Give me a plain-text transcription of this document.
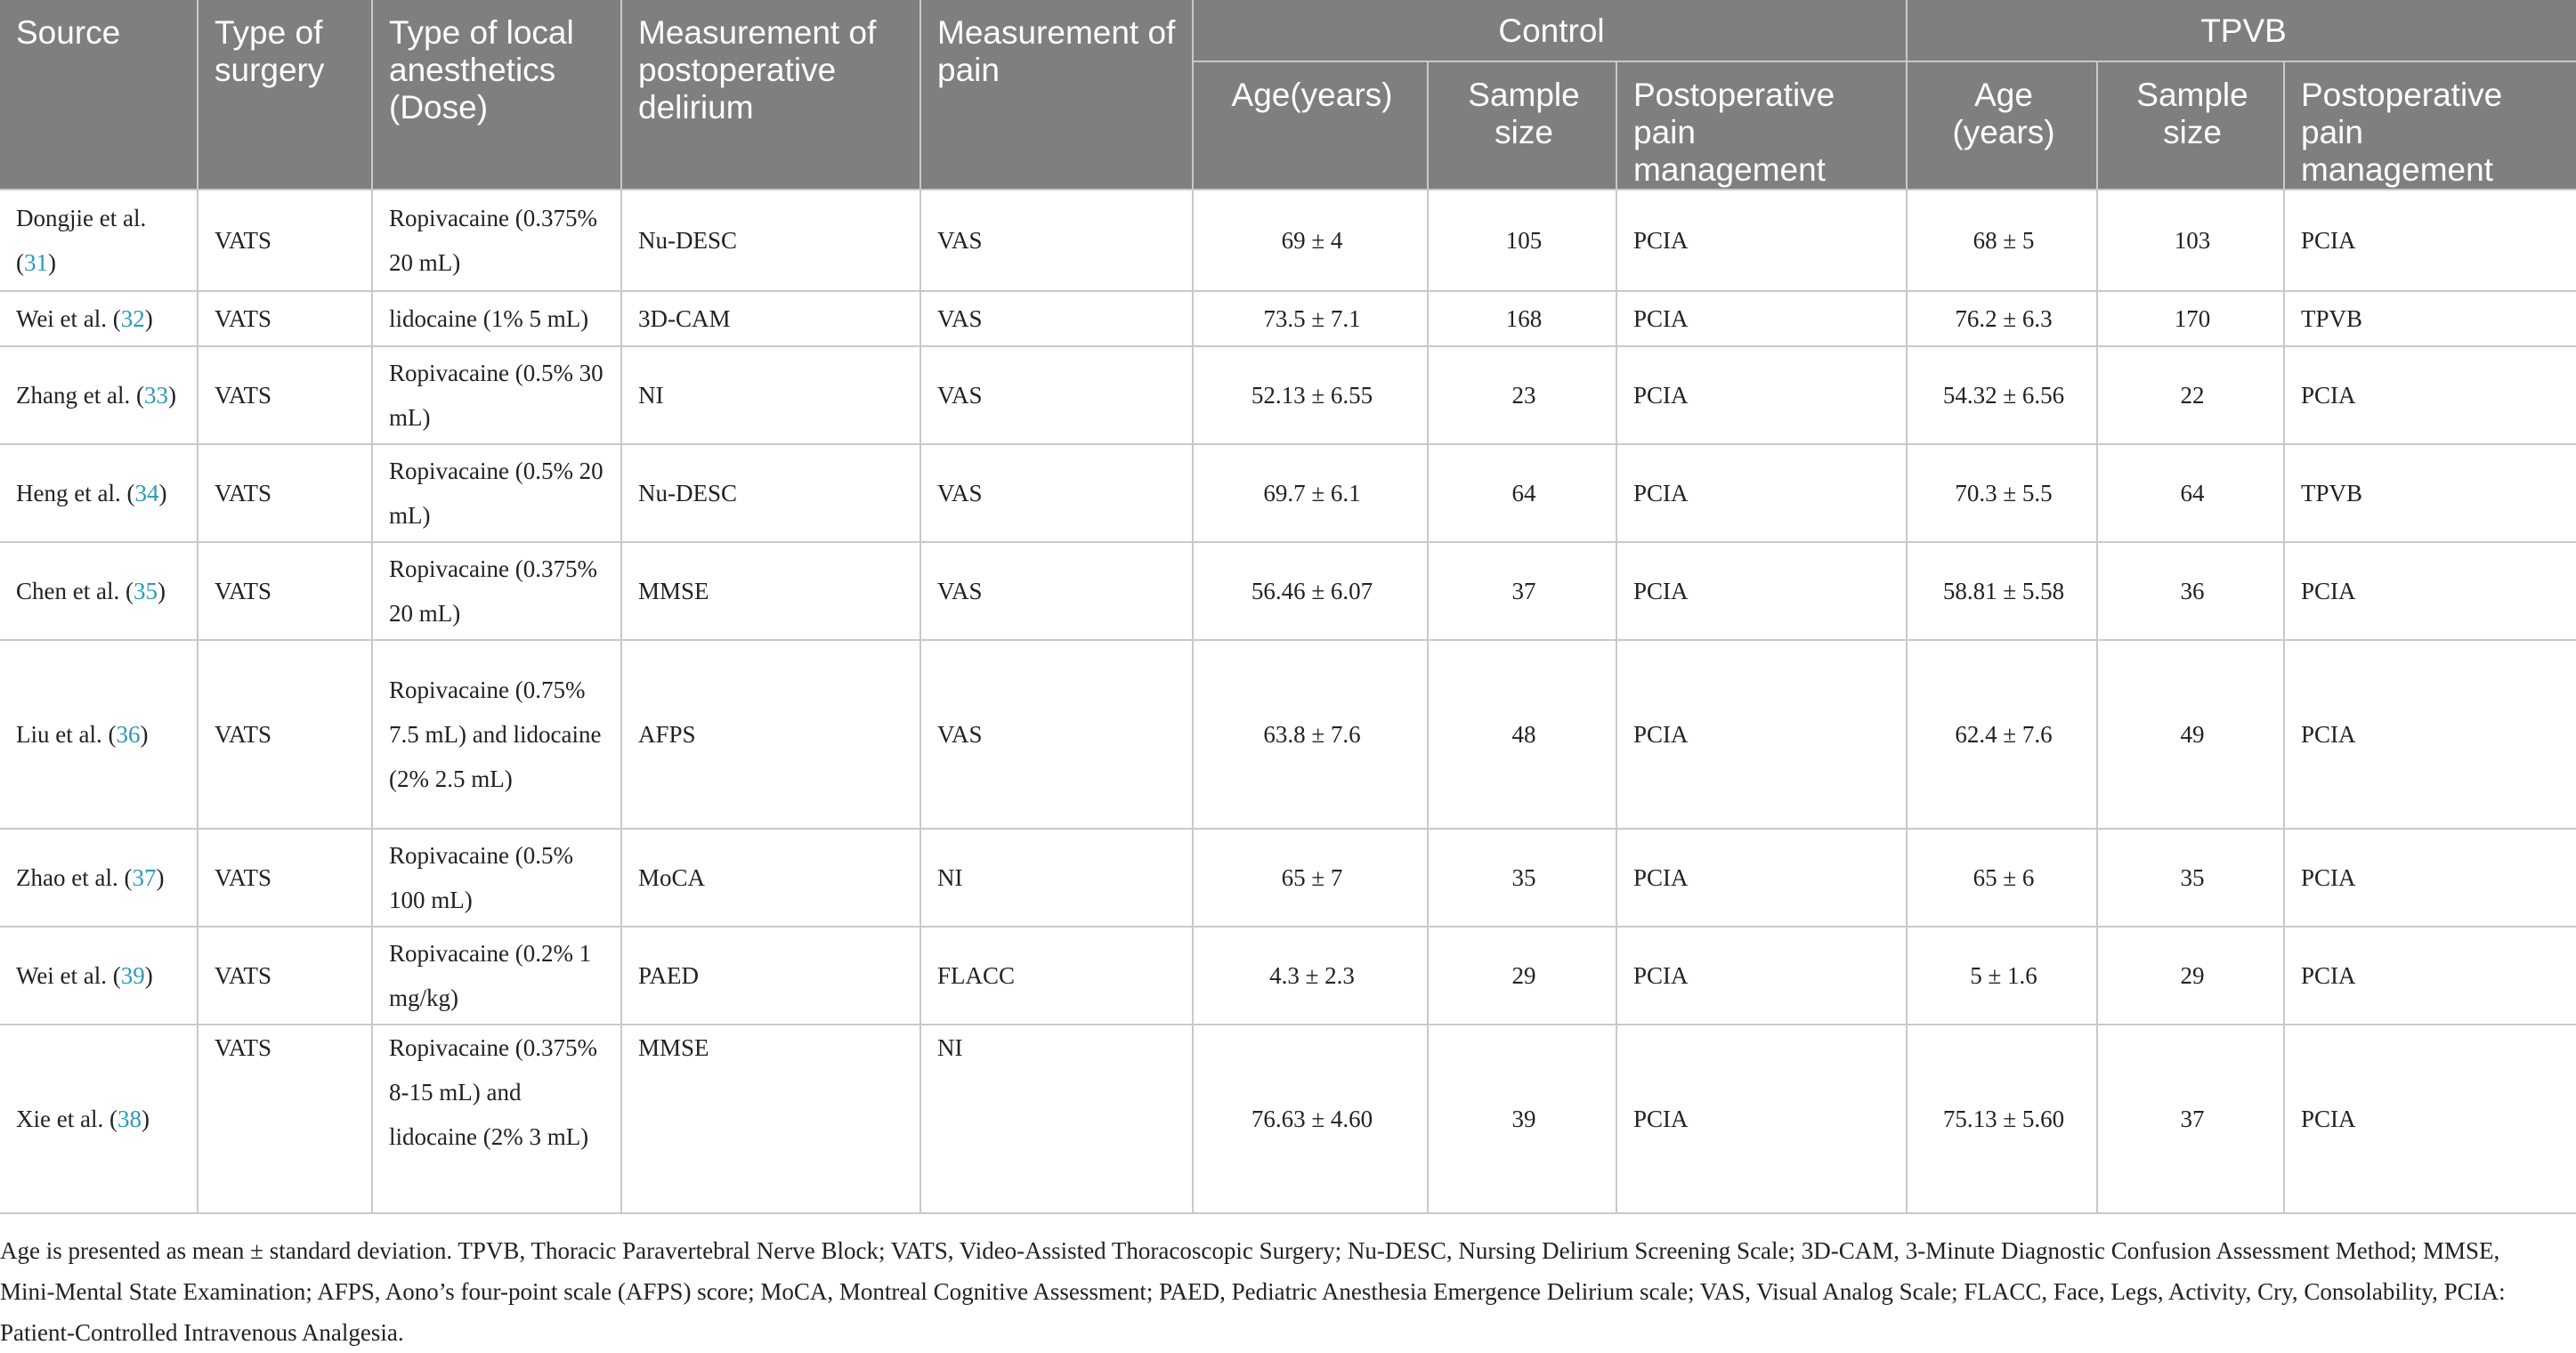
Source	Type of surgery	Type of local anesthetics (Dose)	Measurement of postoperative delirium	Measurement of pain	Control			TPVB		
					Age(years)	Sample size	Postoperative pain management	Age (years)	Sample size	Postoperative pain management
Dongjie et al. (31)	VATS	Ropivacaine (0.375% 20 mL)	Nu-DESC	VAS	69 ± 4	105	PCIA	68 ± 5	103	PCIA
Wei et al. (32)	VATS	lidocaine (1% 5 mL)	3D-CAM	VAS	73.5 ± 7.1	168	PCIA	76.2 ± 6.3	170	TPVB
Zhang et al. (33)	VATS	Ropivacaine (0.5% 30 mL)	NI	VAS	52.13 ± 6.55	23	PCIA	54.32 ± 6.56	22	PCIA
Heng et al. (34)	VATS	Ropivacaine (0.5% 20 mL)	Nu-DESC	VAS	69.7 ± 6.1	64	PCIA	70.3 ± 5.5	64	TPVB
Chen et al. (35)	VATS	Ropivacaine (0.375% 20 mL)	MMSE	VAS	56.46 ± 6.07	37	PCIA	58.81 ± 5.58	36	PCIA
Liu et al. (36)	VATS	Ropivacaine (0.75% 7.5 mL) and lidocaine (2% 2.5 mL)	AFPS	VAS	63.8 ± 7.6	48	PCIA	62.4 ± 7.6	49	PCIA
Zhao et al. (37)	VATS	Ropivacaine (0.5% 100 mL)	MoCA	NI	65 ± 7	35	PCIA	65 ± 6	35	PCIA
Wei et al. (39)	VATS	Ropivacaine (0.2% 1 mg/kg)	PAED	FLACC	4.3 ± 2.3	29	PCIA	5 ± 1.6	29	PCIA
Xie et al. (38)	VATS	Ropivacaine (0.375% 8-15 mL) and lidocaine (2% 3 mL)	MMSE	NI	76.63 ± 4.60	39	PCIA	75.13 ± 5.60	37	PCIA
Age is presented as mean ± standard deviation. TPVB, Thoracic Paravertebral Nerve Block; VATS, Video-Assisted Thoracoscopic Surgery; Nu-DESC, Nursing Delirium Screening Scale; 3D-CAM, 3-Minute Diagnostic Confusion Assessment Method; MMSE, Mini-Mental State Examination; AFPS, Aono’s four-point scale (AFPS) score; MoCA, Montreal Cognitive Assessment; PAED, Pediatric Anesthesia Emergence Delirium scale; VAS, Visual Analog Scale; FLACC, Face, Legs, Activity, Cry, Consolability, PCIA: Patient-Controlled Intravenous Analgesia.
